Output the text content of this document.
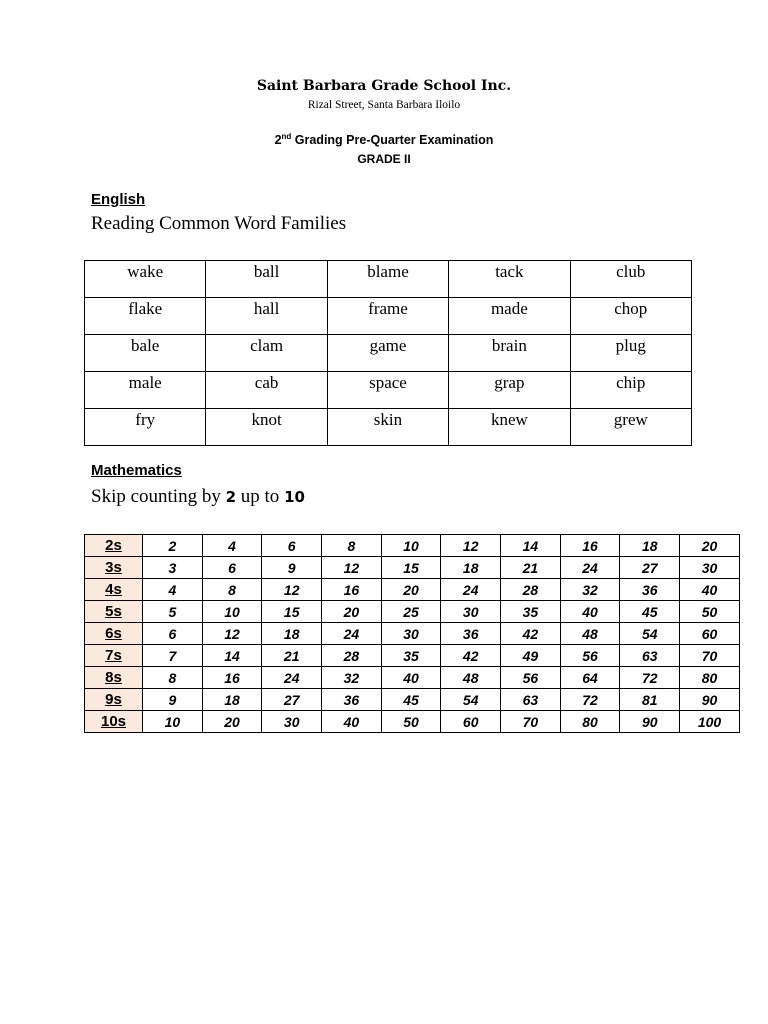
Saint Barbara Grade School Inc.
Rizal Street, Santa Barbara Iloilo
2nd Grading Pre-Quarter Examination
GRADE II
English
Reading Common Word Families
wake	ball	blame	tack	club
flake	hall	frame	made	chop
bale	clam	game	brain	plug
male	cab	space	grap	chip
fry	knot	skin	knew	grew
Mathematics
Skip counting by 2 up to 10
2s	2	4	6	8	10	12	14	16	18	20
3s	3	6	9	12	15	18	21	24	27	30
4s	4	8	12	16	20	24	28	32	36	40
5s	5	10	15	20	25	30	35	40	45	50
6s	6	12	18	24	30	36	42	48	54	60
7s	7	14	21	28	35	42	49	56	63	70
8s	8	16	24	32	40	48	56	64	72	80
9s	9	18	27	36	45	54	63	72	81	90
10s	10	20	30	40	50	60	70	80	90	100
